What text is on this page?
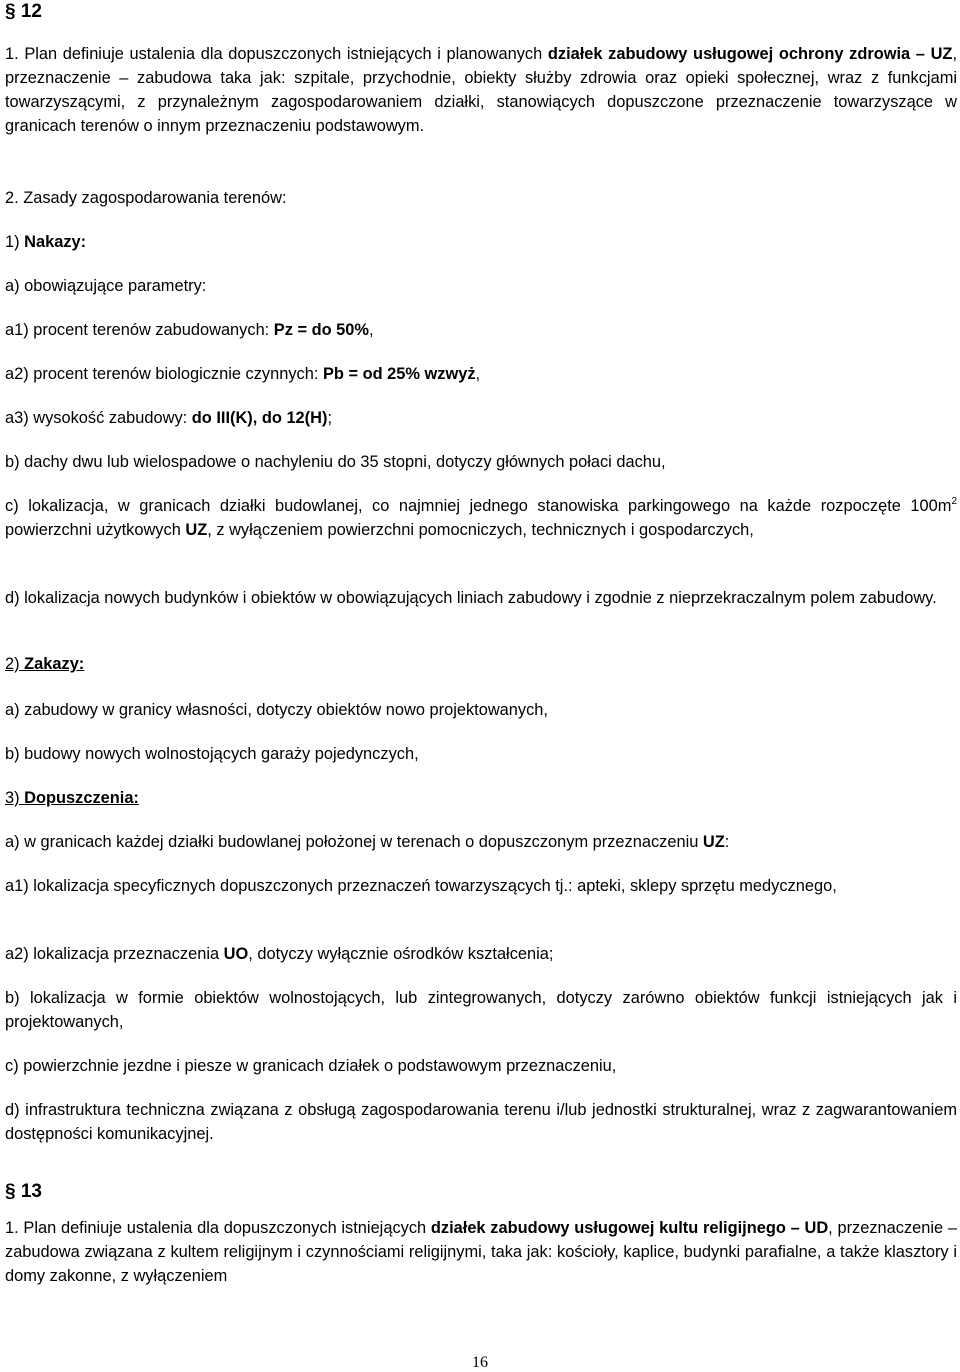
§ 12

1. Plan definiuje ustalenia dla dopuszczonych istniejących i planowanych działek zabudowy usługowej ochrony zdrowia – UZ, przeznaczenie – zabudowa taka jak: szpitale, przychodnie, obiekty służby zdrowia oraz opieki społecznej, wraz z funkcjami towarzyszącymi, z przynależnym zagospodarowaniem działki, stanowiących dopuszczone przeznaczenie towarzyszące w granicach terenów o innym przeznaczeniu podstawowym.

2. Zasady zagospodarowania terenów:

1) Nakazy:

a) obowiązujące parametry:

a1) procent terenów zabudowanych: Pz = do 50%,

a2) procent terenów biologicznie czynnych: Pb = od 25% wzwyż,

a3) wysokość zabudowy: do III(K), do 12(H);

b) dachy dwu lub wielospadowe o nachyleniu do 35 stopni, dotyczy głównych połaci dachu,

c) lokalizacja, w granicach działki budowlanej, co najmniej jednego stanowiska parkingowego na każde rozpoczęte $100m^2$ powierzchni użytkowych UZ, z wyłączeniem powierzchni pomocniczych, technicznych i gospodarczych,

d) lokalizacja nowych budynków i obiektów w obowiązujących liniach zabudowy i zgodnie z nieprzekraczalnym polem zabudowy.

2) Zakazy:

a) zabudowy w granicy własności, dotyczy obiektów nowo projektowanych,

b) budowy nowych wolnostojących garaży pojedynczych,

3) Dopuszczenia:

a) w granicach każdej działki budowlanej położonej w terenach o dopuszczonym przeznaczeniu UZ:

a1) lokalizacja specyficznych dopuszczonych przeznaczeń towarzyszących tj.: apteki, sklepy sprzętu medycznego,

a2) lokalizacja przeznaczenia UO, dotyczy wyłącznie ośrodków kształcenia;

b) lokalizacja w formie obiektów wolnostojących, lub zintegrowanych, dotyczy zarówno obiektów funkcji istniejących jak i projektowanych,

c) powierzchnie jezdne i piesze w granicach działek o podstawowym przeznaczeniu,

d) infrastruktura techniczna związana z obsługą zagospodarowania terenu i/lub jednostki strukturalnej, wraz z zagwarantowaniem dostępności komunikacyjnej.

§ 13

1. Plan definiuje ustalenia dla dopuszczonych istniejących działek zabudowy usługowej kultu religijnego – UD, przeznaczenie – zabudowa związana z kultem religijnym i czynnościami religijnymi, taka jak: kościoły, kaplice, budynki parafialne, a także klasztory i domy zakonne, z wyłączeniem

16
